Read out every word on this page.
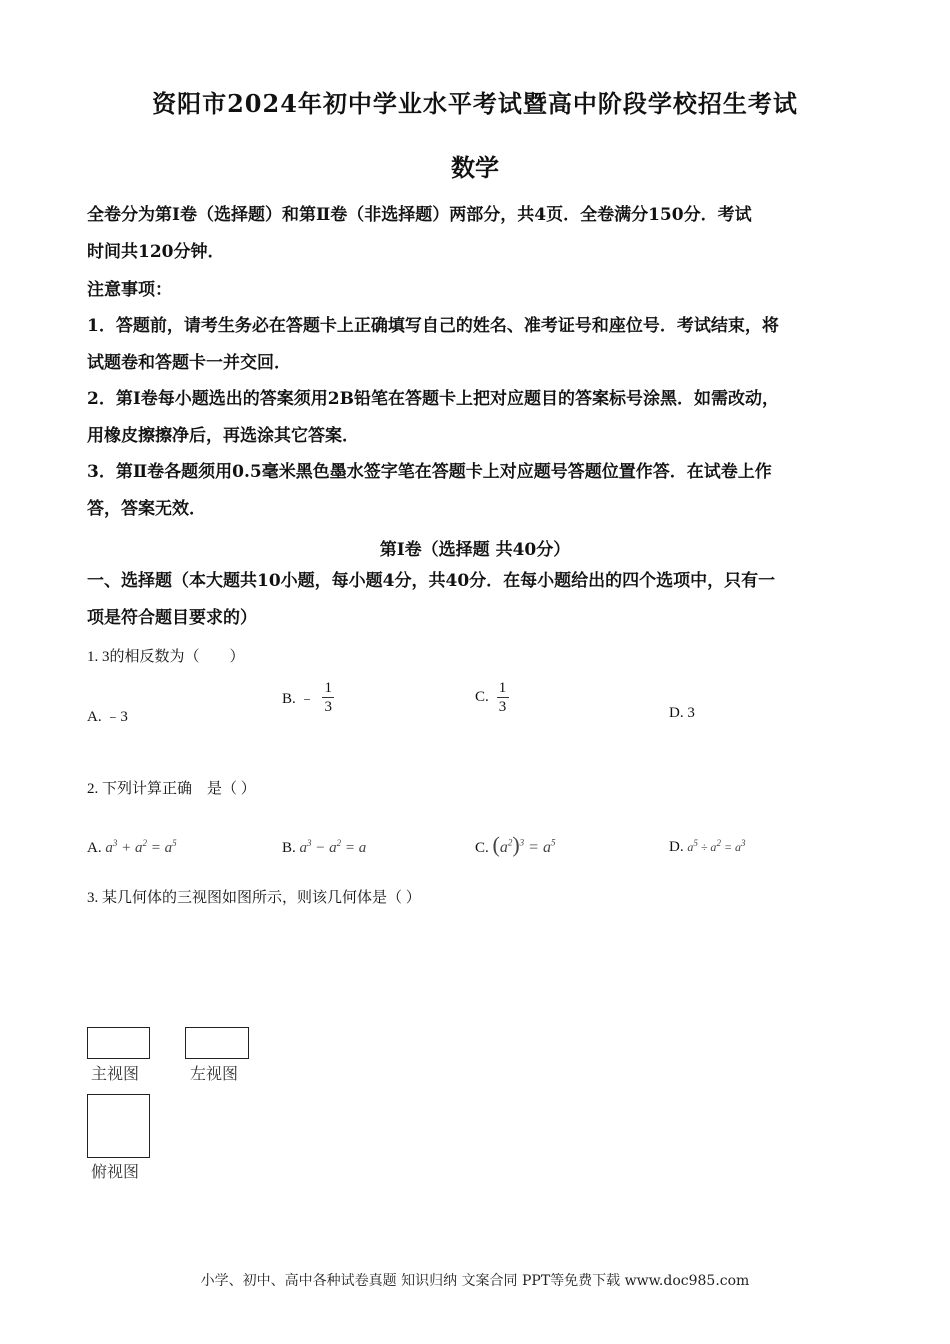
资阳市2024年初中学业水平考试暨高中阶段学校招生考试
数学
全卷分为第Ⅰ卷（选择题）和第Ⅱ卷（非选择题）两部分，共4页．全卷满分150分．考试
时间共120分钟．
注意事项：
1．答题前，请考生务必在答题卡上正确填写自己的姓名、准考证号和座位号．考试结束，将
试题卷和答题卡一并交回．
2．第Ⅰ卷每小题选出的答案须用2B铅笔在答题卡上把对应题目的答案标号涂黑．如需改动，
用橡皮擦擦净后，再选涂其它答案．
3．第Ⅱ卷各题须用0.5毫米黑色墨水签字笔在答题卡上对应题号答题位置作答．在试卷上作
答，答案无效．
第Ⅰ卷（选择题 共40分）
一、选择题（本大题共10小题，每小题4分，共40分．在每小题给出的四个选项中，只有一
项是符合题目要求的）
1. 3的相反数为（　　）
A. ﹣3
B. ﹣ $\frac{1}{3}$	C. $\frac{1}{3}$	D. 3
2. 下列计算正确　是（ ）
A. $a^3 + a^2 = a^5$	B. $a^3 - a^2 = a$	C. $(a^2)^3 = a^5$	D. $a^5 \div a^2 = a^3$
3. 某几何体的三视图如图所示，则该几何体是（ ）
主视图	左视图
俯视图
小学、初中、高中各种试卷真题 知识归纳 文案合同 PPT等免费下载 www.doc985.com
